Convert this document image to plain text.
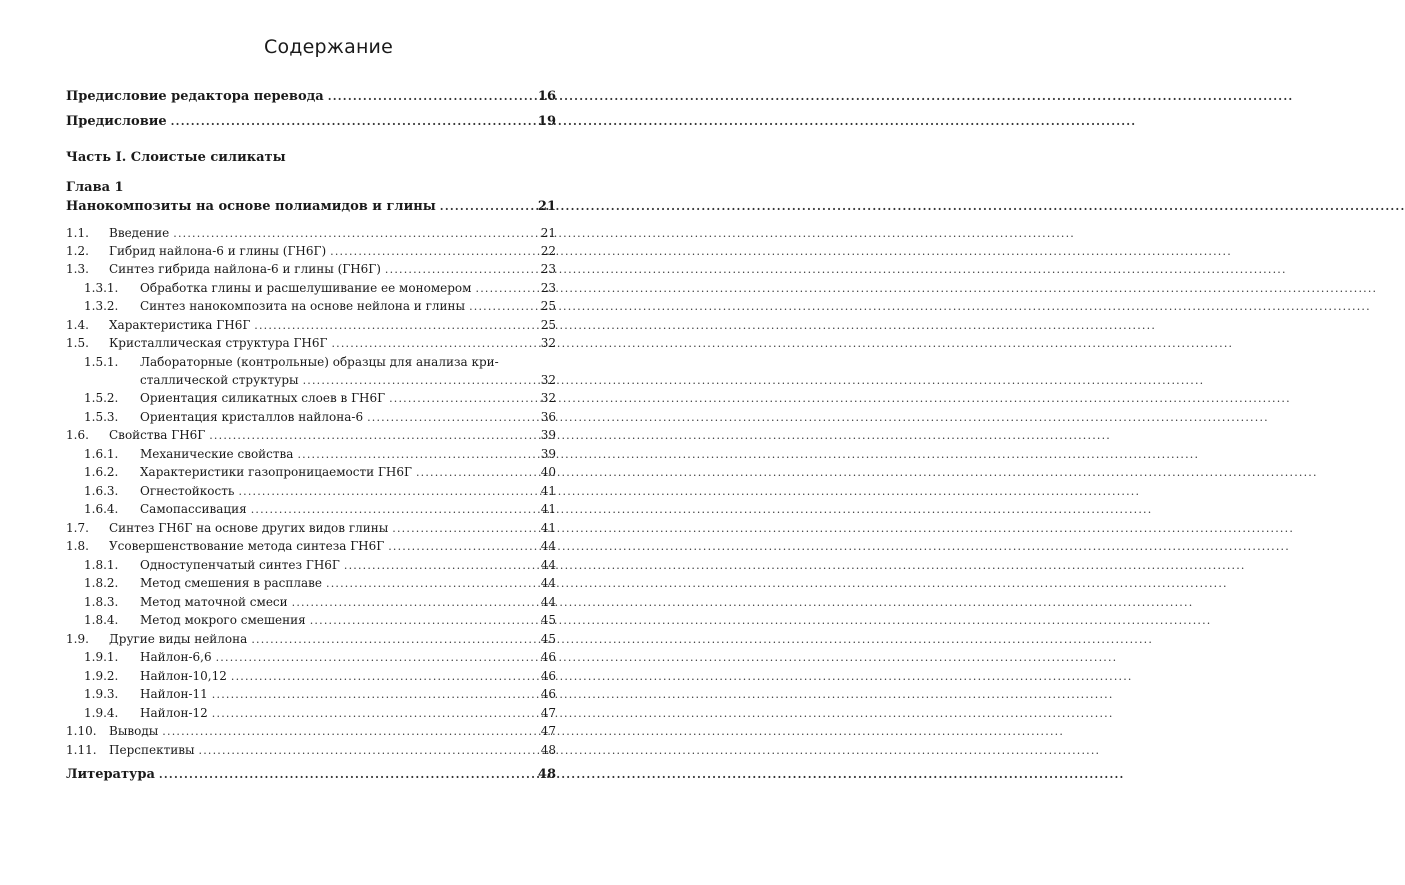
Содержание
Предисловие редактора перевода .....	16
Предисловие .....	19
Часть I. Слоистые силикаты
Глава 1
Нанокомпозиты на основе полиамидов и глины .....	21
1.1.	Введение .....	21
1.2.	Гибрид найлона-6 и глины (ГН6Г) .....	22
1.3.	Синтез гибрида найлона-6 и глины (ГН6Г) .....	23
1.3.1.	Обработка глины и расшелушивание ее мономером .....	23
1.3.2.	Синтез нанокомпозита на основе нейлона и глины .....	25
1.4.	Характеристика ГН6Г .....	25
1.5.	Кристаллическая структура ГН6Г .....	32
1.5.1.	Лабораторные (контрольные) образцы для анализа кри-
сталлической структуры .....	32
1.5.2.	Ориентация силикатных слоев в ГН6Г .....	32
1.5.3.	Ориентация кристаллов найлона-6 .....	36
1.6.	Свойства ГН6Г .....	39
1.6.1.	Механические свойства .....	39
1.6.2.	Характеристики газопроницаемости ГН6Г .....	40
1.6.3.	Огнестойкость .....	41
1.6.4.	Самопассивация .....	41
1.7.	Синтез ГН6Г на основе других видов глины .....	41
1.8.	Усовершенствование метода синтеза ГН6Г .....	44
1.8.1.	Одноступенчатый синтез ГН6Г .....	44
1.8.2.	Метод смешения в расплаве .....	44
1.8.3.	Метод маточной смеси .....	44
1.8.4.	Метод мокрого смешения .....	45
1.9.	Другие виды нейлона .....	45
1.9.1.	Найлон-6,6 .....	46
1.9.2.	Найлон-10,12 .....	46
1.9.3.	Найлон-11 .....	46
1.9.4.	Найлон-12 .....	47
1.10.	Выводы .....	47
1.11.	Перспективы .....	48
Литература .....	48
